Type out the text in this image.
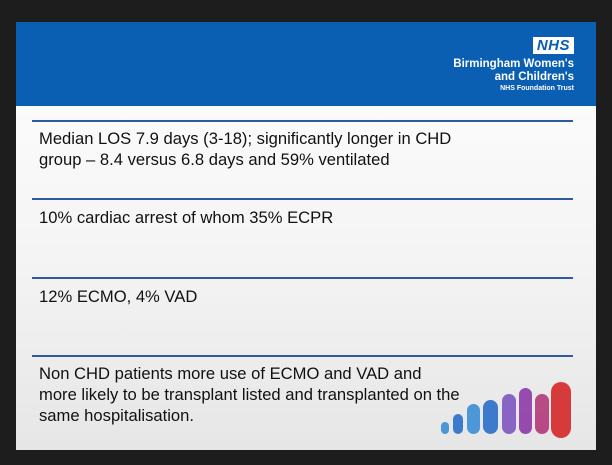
NHS
Birmingham Women's
and Children's
NHS Foundation Trust
Median LOS 7.9 days (3-18); significantly longer in CHD
group – 8.4 versus 6.8 days and 59% ventilated
10% cardiac arrest of whom 35% ECPR
12% ECMO, 4% VAD
Non CHD patients more use of ECMO and VAD and
more likely to be transplant listed and transplanted on the
same hospitalisation.
